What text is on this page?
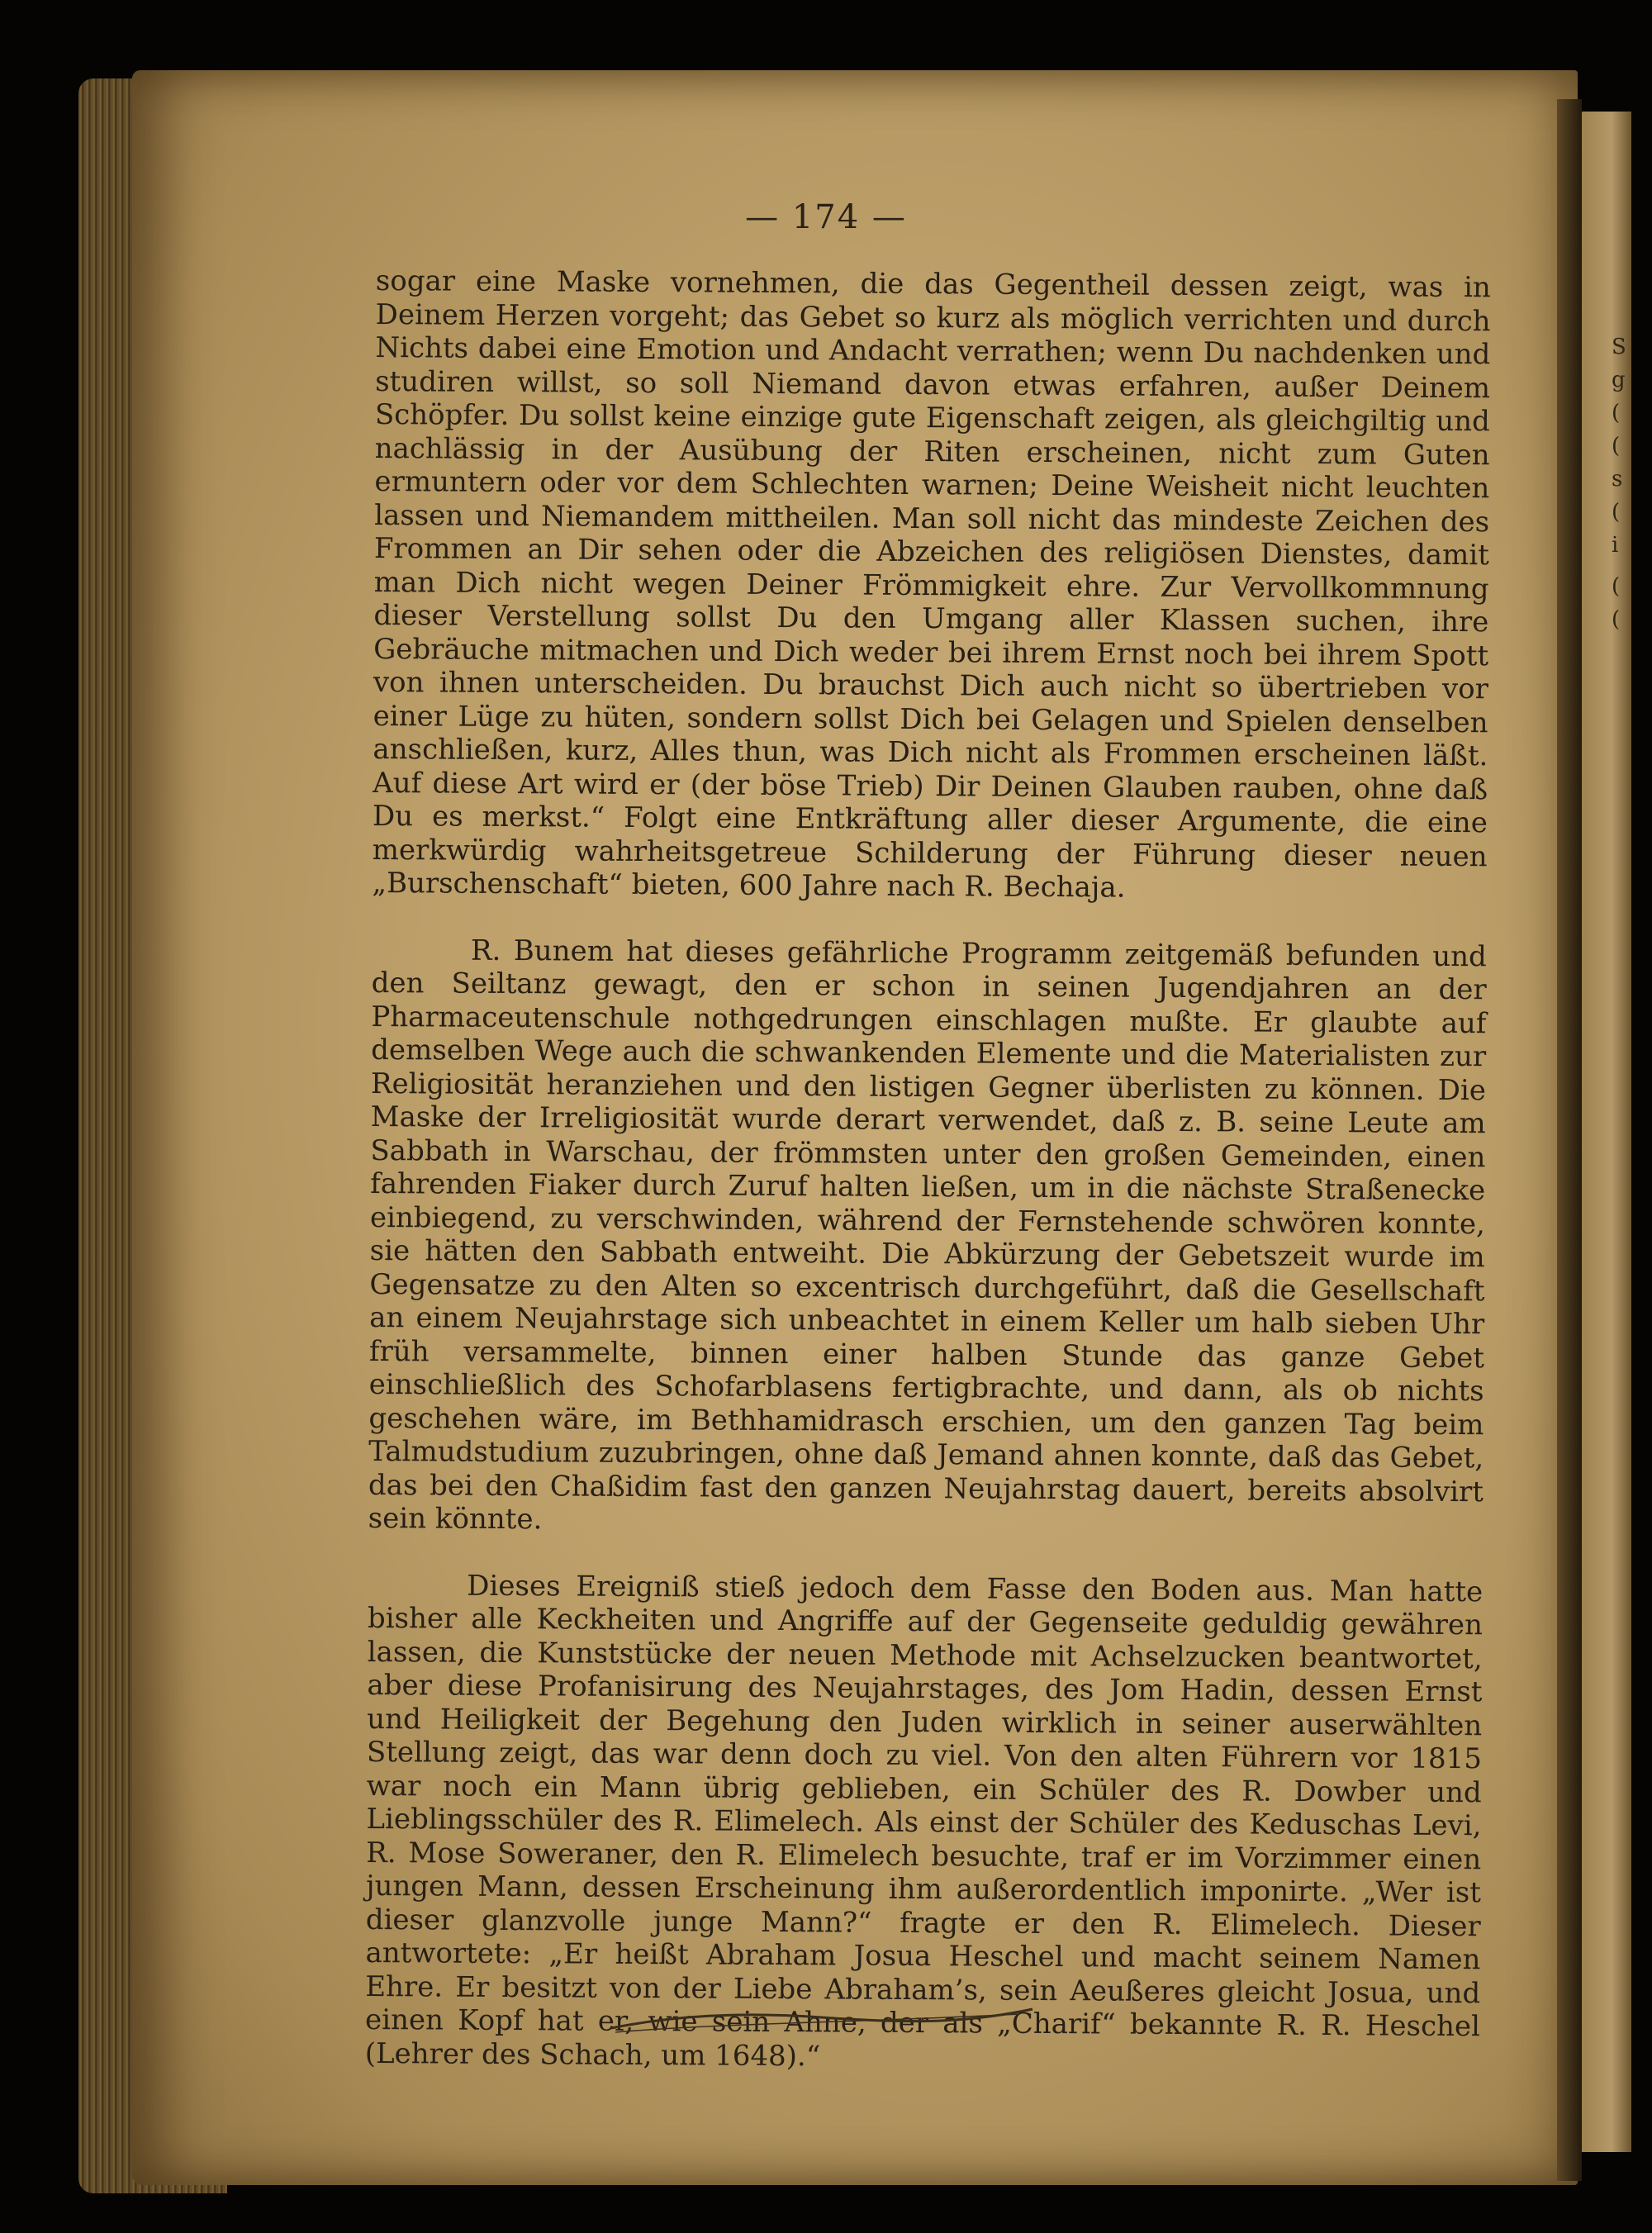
S
g
(
(
s
(
i
(
(
— 174 —

sogar eine Maske vornehmen, die das Gegentheil dessen zeigt, was in Deinem Herzen vorgeht; das Gebet so kurz als möglich verrichten und durch Nichts dabei eine Emotion und Andacht verrathen; wenn Du nachdenken und studiren willst, so soll Niemand davon etwas erfahren, außer Deinem Schöpfer. Du sollst keine einzige gute Eigenschaft zeigen, als gleichgiltig und nachlässig in der Ausübung der Riten erscheinen, nicht zum Guten ermuntern oder vor dem Schlechten warnen; Deine Weisheit nicht leuchten lassen und Niemandem mittheilen. Man soll nicht das mindeste Zeichen des Frommen an Dir sehen oder die Abzeichen des religiösen Dienstes, damit man Dich nicht wegen Deiner Frömmigkeit ehre. Zur Vervollkommnung dieser Verstellung sollst Du den Umgang aller Klassen suchen, ihre Gebräuche mitmachen und Dich weder bei ihrem Ernst noch bei ihrem Spott von ihnen unterscheiden. Du brauchst Dich auch nicht so übertrieben vor einer Lüge zu hüten, sondern sollst Dich bei Gelagen und Spielen denselben anschließen, kurz, Alles thun, was Dich nicht als Frommen erscheinen läßt. Auf diese Art wird er (der böse Trieb) Dir Deinen Glauben rauben, ohne daß Du es merkst.“ Folgt eine Entkräftung aller dieser Argumente, die eine merkwürdig wahrheitsgetreue Schilderung der Führung dieser neuen „Burschenschaft“ bieten, 600 Jahre nach R. Bechaja.

R. Bunem hat dieses gefährliche Programm zeitgemäß befunden und den Seiltanz gewagt, den er schon in seinen Jugendjahren an der Pharmaceutenschule nothgedrungen einschlagen mußte. Er glaubte auf demselben Wege auch die schwankenden Elemente und die Materialisten zur Religiosität heranziehen und den listigen Gegner überlisten zu können. Die Maske der Irreligiosität wurde derart verwendet, daß z. B. seine Leute am Sabbath in Warschau, der frömmsten unter den großen Gemeinden, einen fahrenden Fiaker durch Zuruf halten ließen, um in die nächste Straßenecke einbiegend, zu verschwinden, während der Fernstehende schwören konnte, sie hätten den Sabbath entweiht. Die Abkürzung der Gebetszeit wurde im Gegensatze zu den Alten so excentrisch durchgeführt, daß die Gesellschaft an einem Neujahrstage sich unbeachtet in einem Keller um halb sieben Uhr früh versammelte, binnen einer halben Stunde das ganze Gebet einschließlich des Schofarblasens fertigbrachte, und dann, als ob nichts geschehen wäre, im Bethhamidrasch erschien, um den ganzen Tag beim Talmudstudium zuzubringen, ohne daß Jemand ahnen konnte, daß das Gebet, das bei den Chaßidim fast den ganzen Neujahrstag dauert, bereits absolvirt sein könnte.

Dieses Ereigniß stieß jedoch dem Fasse den Boden aus. Man hatte bisher alle Keckheiten und Angriffe auf der Gegenseite geduldig gewähren lassen, die Kunststücke der neuen Methode mit Achselzucken beantwortet, aber diese Profanisirung des Neujahrstages, des Jom Hadin, dessen Ernst und Heiligkeit der Begehung den Juden wirklich in seiner auserwählten Stellung zeigt, das war denn doch zu viel. Von den alten Führern vor 1815 war noch ein Mann übrig geblieben, ein Schüler des R. Dowber und Lieblingsschüler des R. Elimelech. Als einst der Schüler des Keduschas Levi, R. Mose Soweraner, den R. Elimelech besuchte, traf er im Vorzimmer einen jungen Mann, dessen Erscheinung ihm außerordentlich imponirte. „Wer ist dieser glanzvolle junge Mann?“ fragte er den R. Elimelech. Dieser antwortete: „Er heißt Abraham Josua Heschel und macht seinem Namen Ehre. Er besitzt von der Liebe Abraham’s, sein Aeußeres gleicht Josua, und einen Kopf hat er, wie sein Ahne, der als „Charif“ bekannte R. R. Heschel (Lehrer des Schach, um 1648).“
